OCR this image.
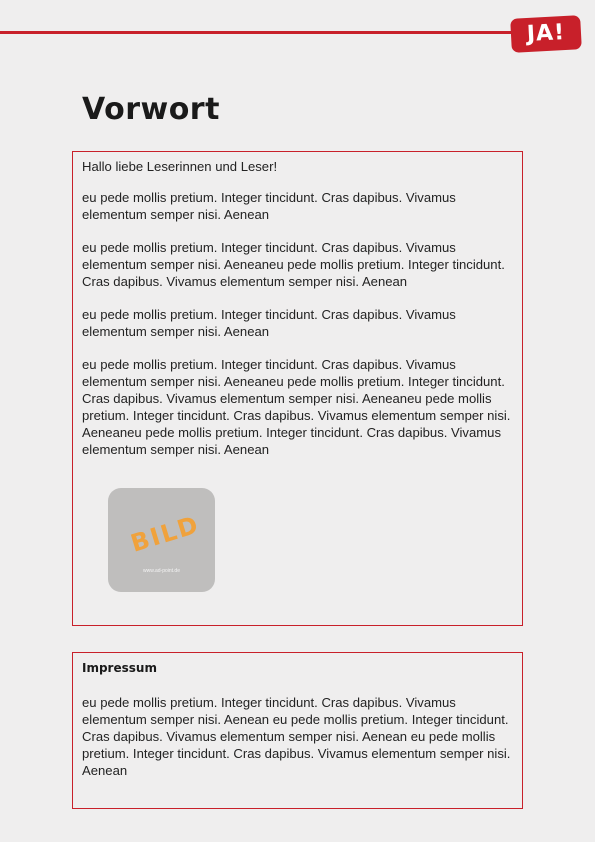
JA!
Vorwort

Hallo liebe Leserinnen und Leser!

eu pede mollis pretium. Integer tincidunt. Cras dapibus. Vivamus elementum semper nisi. Aenean

eu pede mollis pretium. Integer tincidunt. Cras dapibus. Vivamus elementum semper nisi. Aeneaneu pede mollis pretium. Integer tincidunt. Cras dapibus. Vivamus elementum semper nisi. Aenean

eu pede mollis pretium. Integer tincidunt. Cras dapibus. Vivamus elementum semper nisi. Aenean

eu pede mollis pretium. Integer tincidunt. Cras dapibus. Vivamus elementum semper nisi. Aeneaneu pede mollis pretium. Integer tincidunt. Cras dapibus. Vivamus elementum semper nisi. Aeneaneu pede mollis pretium. Integer tincidunt. Cras dapibus. Vivamus elementum semper nisi. Aeneaneu pede mollis pretium. Integer tincidunt. Cras dapibus. Vivamus elementum semper nisi. Aenean

BILD
www.ad-point.de
Impressum

eu pede mollis pretium. Integer tincidunt. Cras dapibus. Vivamus elementum semper nisi. Aenean eu pede mollis pretium. Integer tincidunt. Cras dapibus. Vivamus elementum semper nisi. Aenean eu pede mollis pretium. Integer tincidunt. Cras dapibus. Vivamus elementum semper nisi. Aenean
